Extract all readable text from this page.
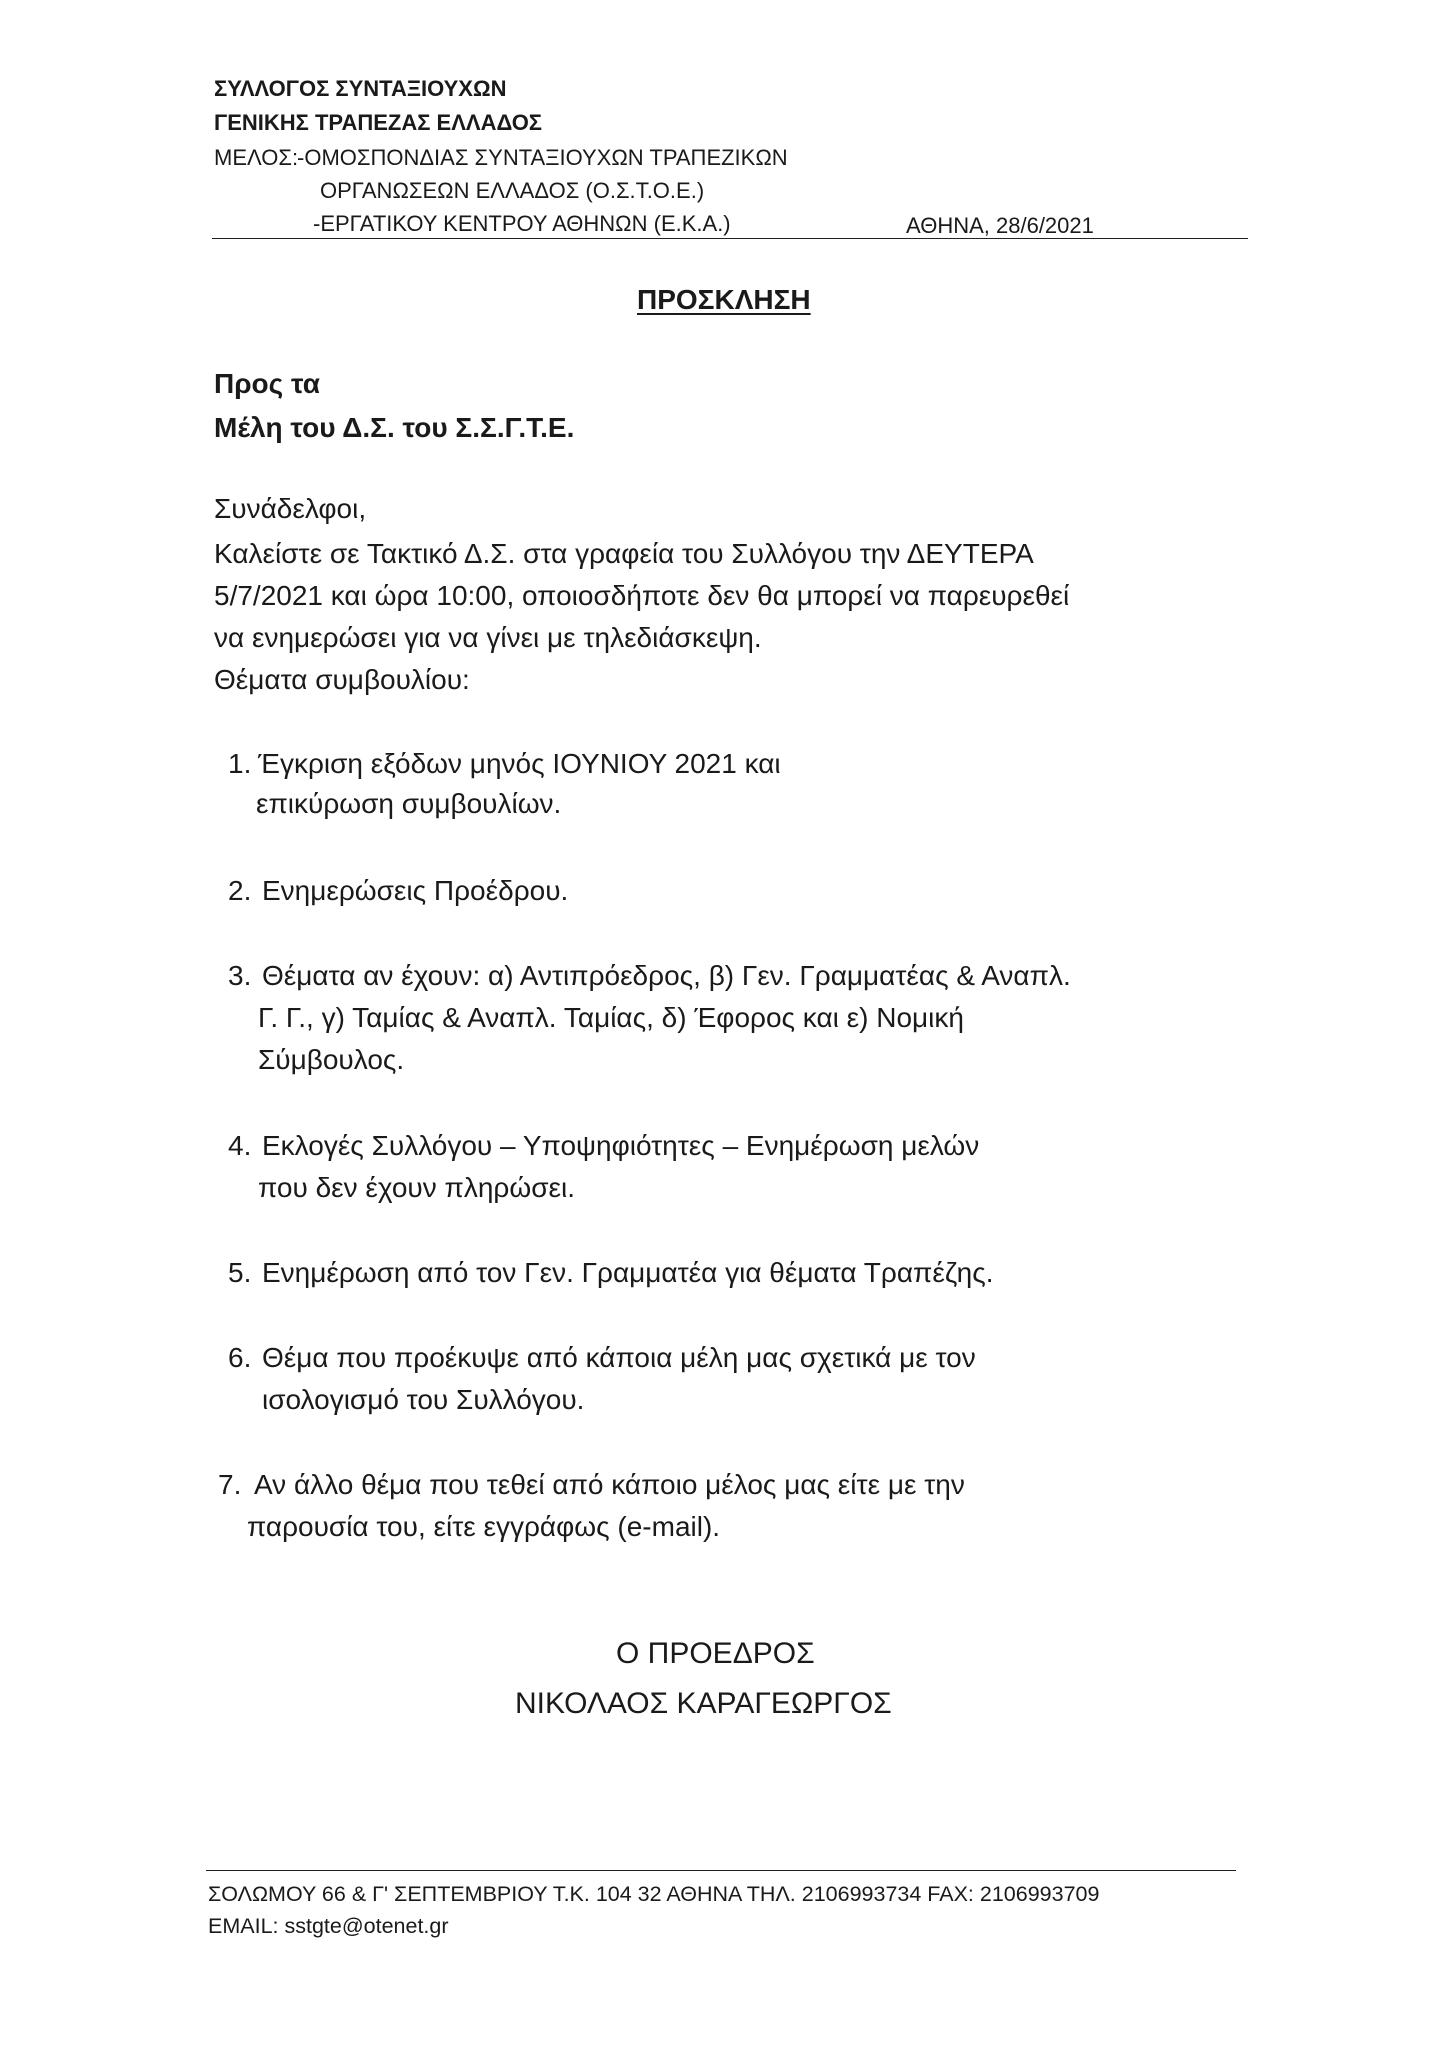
ΣΥΛΛΟΓΟΣ ΣΥΝΤΑΞΙΟΥΧΩΝ
ΓΕΝΙΚΗΣ ΤΡΑΠΕΖΑΣ ΕΛΛΑΔΟΣ
ΜΕΛΟΣ:
-ΟΜΟΣΠΟΝΔΙΑΣ ΣΥΝΤΑΞΙΟΥΧΩΝ ΤΡΑΠΕΖΙΚΩΝ
ΟΡΓΑΝΩΣΕΩΝ ΕΛΛΑΔΟΣ (Ο.Σ.Τ.Ο.Ε.)
-ΕΡΓΑΤΙΚΟΥ ΚΕΝΤΡΟΥ ΑΘΗΝΩΝ (Ε.Κ.Α.)	ΑΘΗΝΑ, 28/6/2021
ΠΡΟΣΚΛΗΣΗ
Προς τα
Μέλη του Δ.Σ. του Σ.Σ.Γ.Τ.Ε.
Συνάδελφοι,
Καλείστε σε Τακτικό Δ.Σ. στα γραφεία του Συλλόγου την ΔΕΥΤΕΡΑ
5/7/2021 και ώρα 10:00, οποιοσδήποτε δεν θα μπορεί να παρευρεθεί
να ενημερώσει για να γίνει με τηλεδιάσκεψη.
Θέματα συμβουλίου:
1. Έγκριση εξόδων μηνός ΙΟΥΝΙΟΥ 2021 και
επικύρωση συμβουλίων.
2. Ενημερώσεις Προέδρου.
3. Θέματα αν έχουν: α) Αντιπρόεδρος, β) Γεν. Γραμματέας & Αναπλ.
Γ. Γ., γ) Ταμίας & Αναπλ. Ταμίας, δ) Έφορος και ε) Νομική
Σύμβουλος.
4. Εκλογές Συλλόγου – Υποψηφιότητες – Ενημέρωση μελών
που δεν έχουν πληρώσει.
5. Ενημέρωση από τον Γεν. Γραμματέα για θέματα Τραπέζης.
6. Θέμα που προέκυψε από κάποια μέλη μας σχετικά με τον
ισολογισμό του Συλλόγου.
7. Αν άλλο θέμα που τεθεί από κάποιο μέλος μας είτε με την
παρουσία του, είτε εγγράφως (e-mail).
Ο ΠΡΟΕΔΡΟΣ
ΝΙΚΟΛΑΟΣ ΚΑΡΑΓΕΩΡΓΟΣ
ΣΟΛΩΜΟΥ 66 & Γ' ΣΕΠΤΕΜΒΡΙΟΥ Τ.Κ. 104 32 ΑΘΗΝΑ ΤΗΛ. 2106993734 FAX: 2106993709
EMAIL: sstgte@otenet.gr
